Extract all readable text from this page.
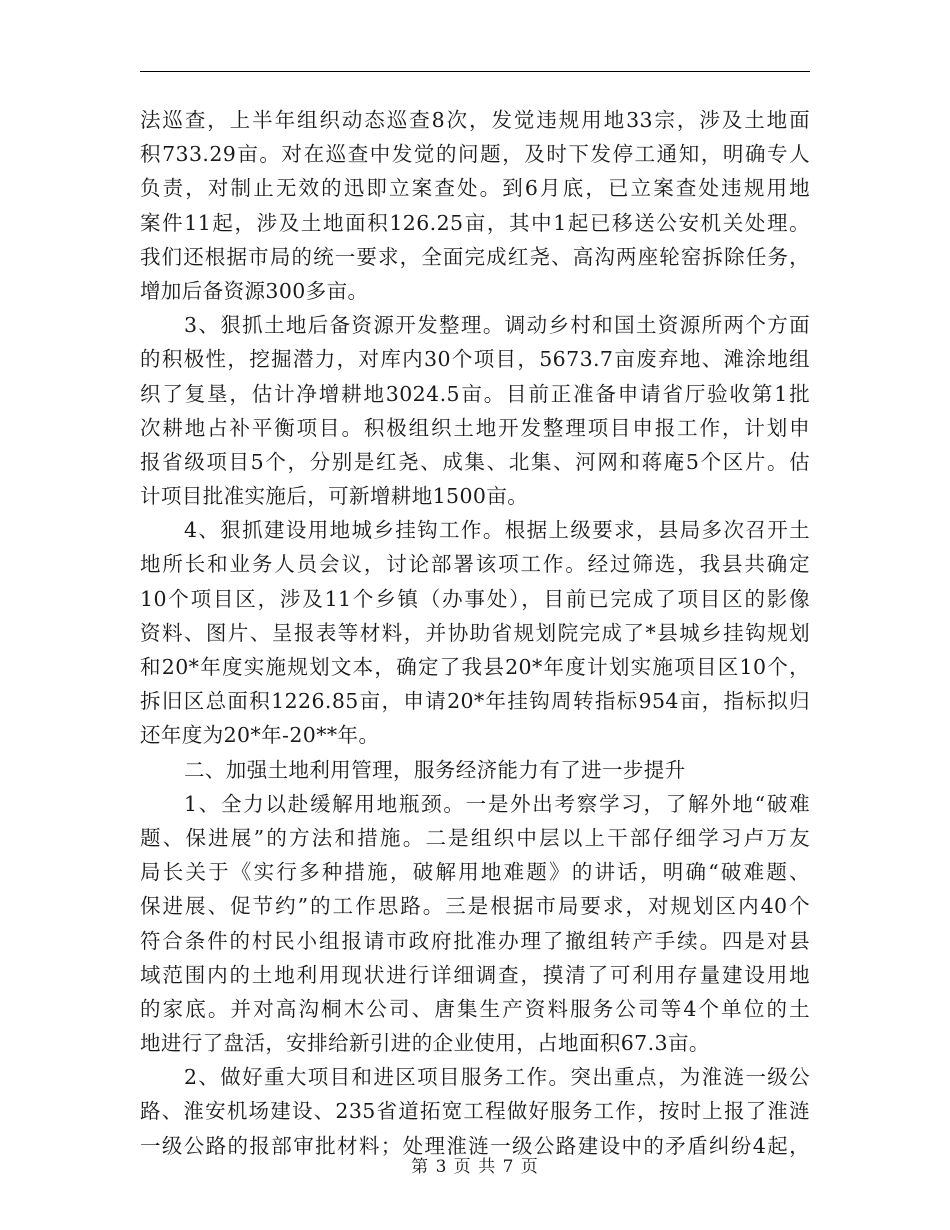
法巡查，上半年组织动态巡查8次，发觉违规用地33宗，涉及土地面
积733.29亩。对在巡查中发觉的问题，及时下发停工通知，明确专人
负责，对制止无效的迅即立案查处。到6月底，已立案查处违规用地
案件11起，涉及土地面积126.25亩，其中1起已移送公安机关处理。
我们还根据市局的统一要求，全面完成红尧、高沟两座轮窑拆除任务，
增加后备资源300多亩。
3、狠抓土地后备资源开发整理。调动乡村和国土资源所两个方面
的积极性，挖掘潜力，对库内30个项目，5673.7亩废弃地、滩涂地组
织了复垦，估计净增耕地3024.5亩。目前正准备申请省厅验收第1批
次耕地占补平衡项目。积极组织土地开发整理项目申报工作，计划申
报省级项目5个，分别是红尧、成集、北集、河网和蒋庵5个区片。估
计项目批准实施后，可新增耕地1500亩。
4、狠抓建设用地城乡挂钩工作。根据上级要求，县局多次召开土
地所长和业务人员会议，讨论部署该项工作。经过筛选，我县共确定
10个项目区，涉及11个乡镇（办事处），目前已完成了项目区的影像
资料、图片、呈报表等材料，并协助省规划院完成了*县城乡挂钩规划
和20*年度实施规划文本，确定了我县20*年度计划实施项目区10个，
拆旧区总面积1226.85亩，申请20*年挂钩周转指标954亩，指标拟归
还年度为20*年-20**年。
二、加强土地利用管理，服务经济能力有了进一步提升
1、全力以赴缓解用地瓶颈。一是外出考察学习，了解外地“破难
题、保进展”的方法和措施。二是组织中层以上干部仔细学习卢万友
局长关于《实行多种措施，破解用地难题》的讲话，明确“破难题、
保进展、促节约”的工作思路。三是根据市局要求，对规划区内40个
符合条件的村民小组报请市政府批准办理了撤组转产手续。四是对县
域范围内的土地利用现状进行详细调查，摸清了可利用存量建设用地
的家底。并对高沟桐木公司、唐集生产资料服务公司等4个单位的土
地进行了盘活，安排给新引进的企业使用，占地面积67.3亩。
2、做好重大项目和进区项目服务工作。突出重点，为淮涟一级公
路、淮安机场建设、235省道拓宽工程做好服务工作，按时上报了淮涟
一级公路的报部审批材料；处理淮涟一级公路建设中的矛盾纠纷4起，
第 3 页 共 7 页
